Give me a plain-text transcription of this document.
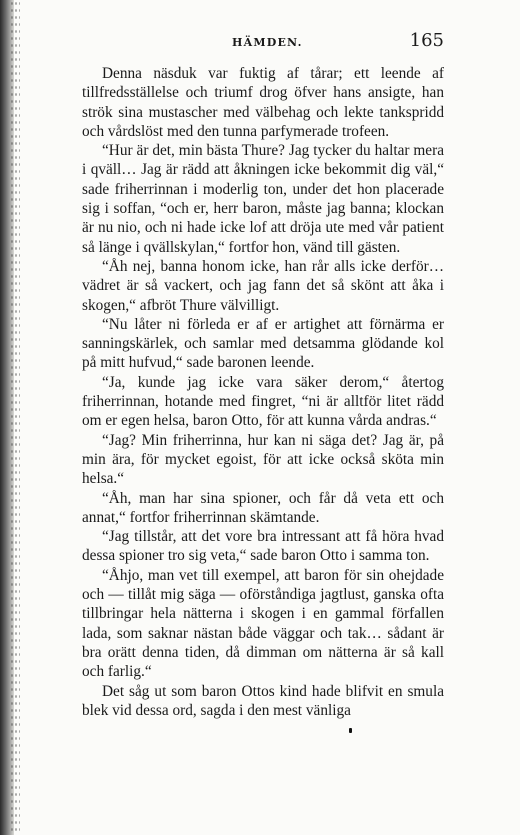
HÄMDEN.	165

Denna näsduk var fuktig af tårar; ett leende af tillfredsställelse och triumf drog öfver hans ansigte, han strök sina mustascher med välbehag och lekte tankspridd och vårdslöst med den tunna parfymerade trofeen.

“Hur är det, min bästa Thure? Jag tycker du haltar mera i qväll… Jag är rädd att åkningen icke bekommit dig väl,“ sade friherrinnan i moderlig ton, under det hon placerade sig i soffan, “och er, herr baron, måste jag banna; klockan är nu nio, och ni hade icke lof att dröja ute med vår patient så länge i qvällskylan,“ fortfor hon, vänd till gästen.

“Åh nej, banna honom icke, han rår alls icke derför… vädret är så vackert, och jag fann det så skönt att åka i skogen,“ afbröt Thure välvilligt.

“Nu låter ni förleda er af er artighet att förnärma er sanningskärlek, och samlar med detsamma glödande kol på mitt hufvud,“ sade baronen leende.

“Ja, kunde jag icke vara säker derom,“ återtog friherrinnan, hotande med fingret, “ni är alltför litet rädd om er egen helsa, baron Otto, för att kunna vårda andras.“

“Jag? Min friherrinna, hur kan ni säga det? Jag är, på min ära, för mycket egoist, för att icke också sköta min helsa.“

“Åh, man har sina spioner, och får då veta ett och annat,“ fortfor friherrinnan skämtande.

“Jag tillstår, att det vore bra intressant att få höra hvad dessa spioner tro sig veta,“ sade baron Otto i samma ton.

“Åhjo, man vet till exempel, att baron för sin ohejdade och — tillåt mig säga — oförståndiga jagtlust, ganska ofta tillbringar hela nätterna i skogen i en gammal förfallen lada, som saknar nästan både väggar och tak… sådant är bra orätt denna tiden, då dimman om nätterna är så kall och farlig.“

Det såg ut som baron Ottos kind hade blifvit en smula blek vid dessa ord, sagda i den mest vänliga
